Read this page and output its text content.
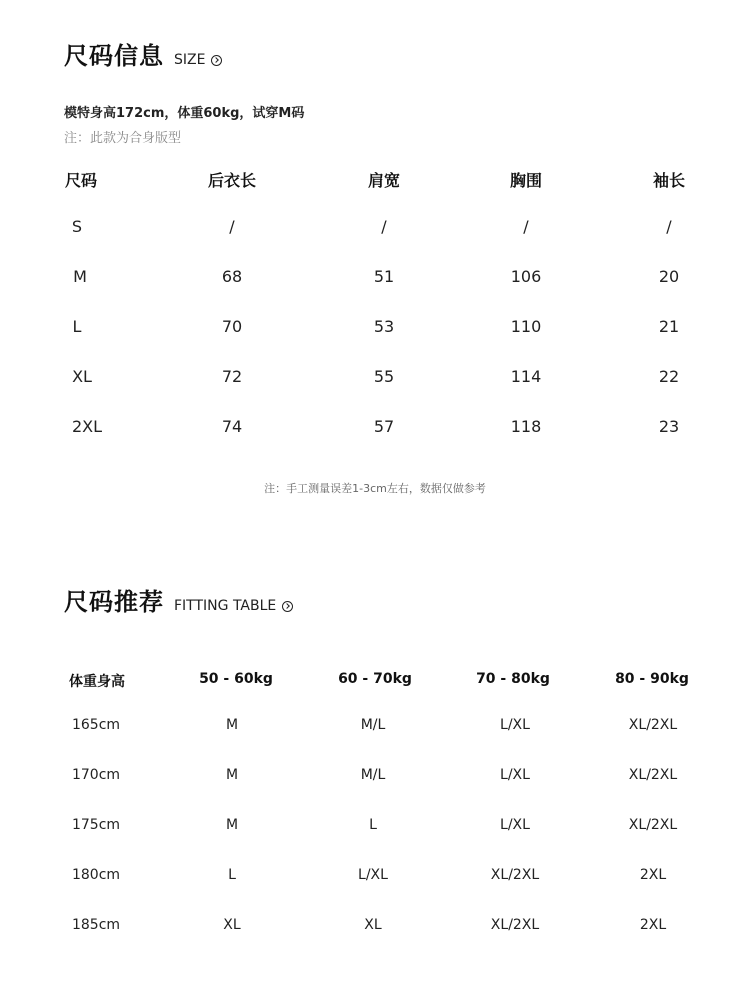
尺码信息 SIZE
模特身高172cm，体重60kg，试穿M码
注：此款为合身版型
尺码	后衣长	肩宽	胸围	袖长
S	/	/	/	/
M	68	51	106	20
L	70	53	110	21
XL	72	55	114	22
2XL	74	57	118	23
注：手工测量误差1-3cm左右，数据仅做参考
尺码推荐 FITTING TABLE
体重身高	50 - 60kg	60 - 70kg	70 - 80kg	80 - 90kg
165cm	M	M/L	L/XL	XL/2XL
170cm	M	M/L	L/XL	XL/2XL
175cm	M	L	L/XL	XL/2XL
180cm	L	L/XL	XL/2XL	2XL
185cm	XL	XL	XL/2XL	2XL
